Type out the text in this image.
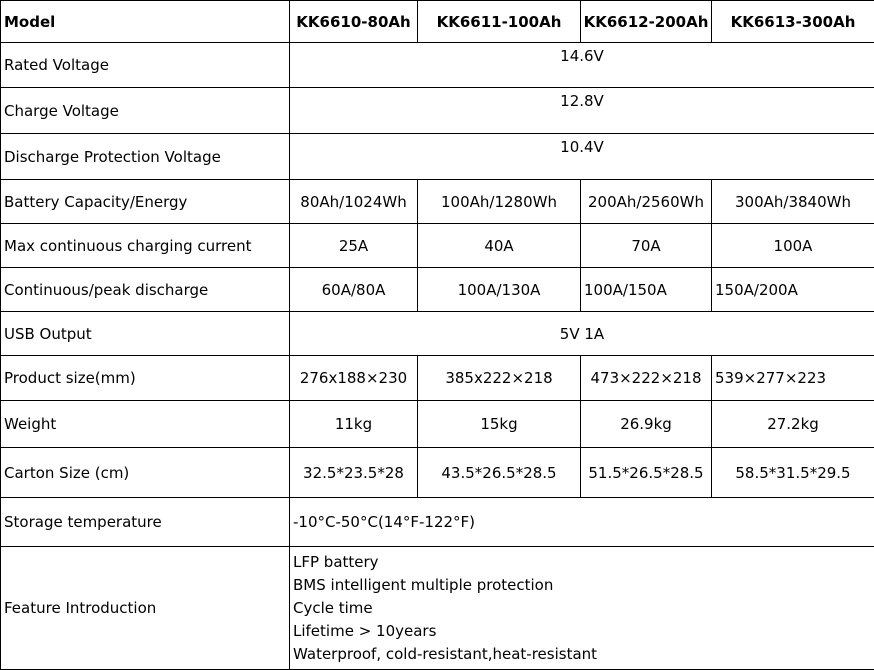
Model	KK6610-80Ah	KK6611-100Ah	KK6612-200Ah	KK6613-300Ah
Rated Voltage	14.6V			
Charge Voltage	12.8V			
Discharge Protection Voltage	10.4V			
Battery Capacity/Energy	80Ah/1024Wh	100Ah/1280Wh	200Ah/2560Wh	300Ah/3840Wh
Max continuous charging current	25A	40A	70A	100A
Continuous/peak discharge	60A/80A	100A/130A	100A/150A	150A/200A
USB Output	5V 1A			
Product size(mm)	276x188×230	385x222×218	473×222×218	539×277×223
Weight	11kg	15kg	26.9kg	27.2kg
Carton Size (cm)	32.5*23.5*28	43.5*26.5*28.5	51.5*26.5*28.5	58.5*31.5*29.5
Storage temperature	-10°C-50°C(14°F-122°F)			
Feature Introduction	LFP battery
BMS intelligent multiple protection
Cycle time
Lifetime > 10years
Waterproof, cold-resistant,heat-resistant			
